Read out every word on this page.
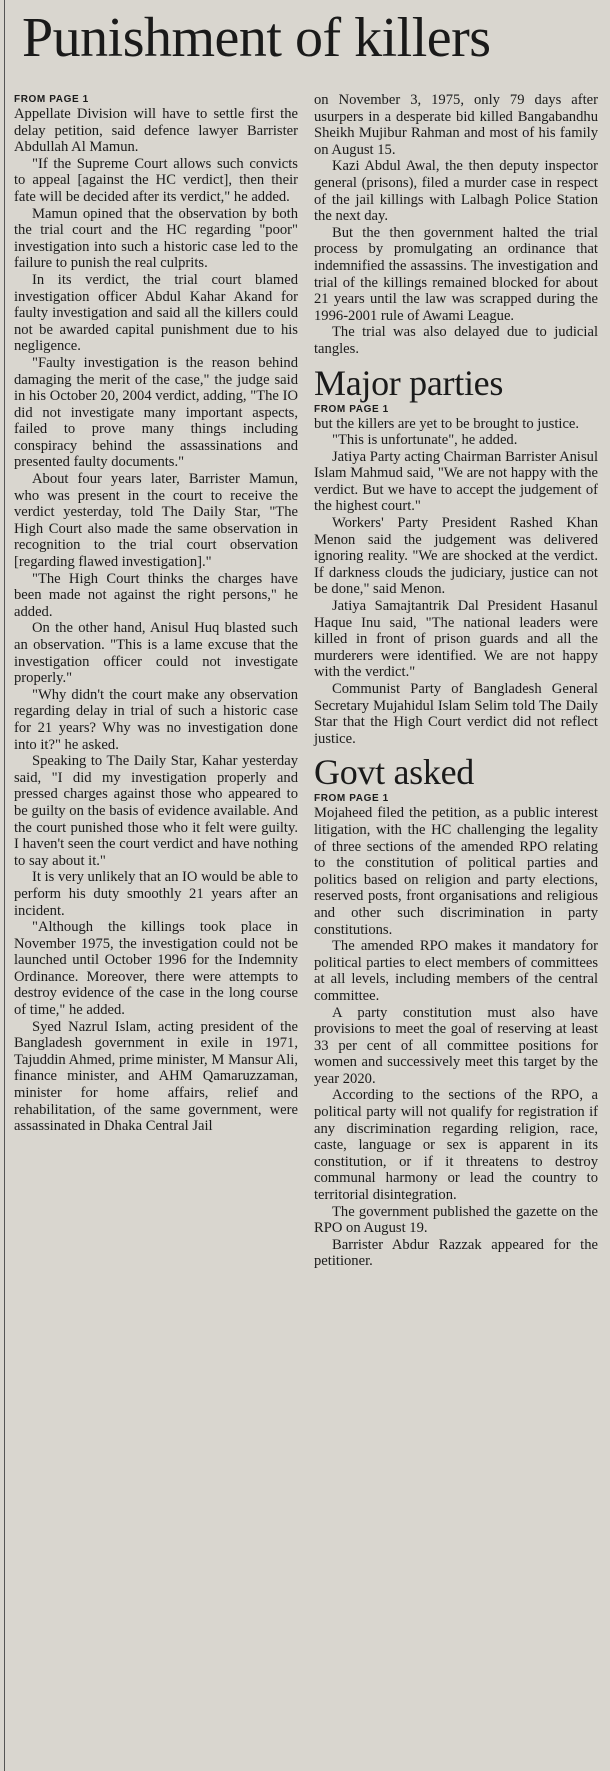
Punishment of killers
FROM PAGE 1

Appellate Division will have to settle first the delay petition, said defence lawyer Barrister Abdullah Al Mamun.

"If the Supreme Court allows such convicts to appeal [against the HC verdict], then their fate will be decided after its verdict," he added.

Mamun opined that the observation by both the trial court and the HC regarding "poor" investigation into such a historic case led to the failure to punish the real culprits.

In its verdict, the trial court blamed investigation officer Abdul Kahar Akand for faulty investigation and said all the killers could not be awarded capital punishment due to his negligence.

"Faulty investigation is the reason behind damaging the merit of the case," the judge said in his October 20, 2004 verdict, adding, "The IO did not investigate many important aspects, failed to prove many things including conspiracy behind the assassinations and presented faulty documents."

About four years later, Barrister Mamun, who was present in the court to receive the verdict yesterday, told The Daily Star, "The High Court also made the same observation in recognition to the trial court observation [regarding flawed investigation]."

"The High Court thinks the charges have been made not against the right persons," he added.

On the other hand, Anisul Huq blasted such an observation. "This is a lame excuse that the investigation officer could not investigate properly."

"Why didn't the court make any observation regarding delay in trial of such a historic case for 21 years? Why was no investigation done into it?" he asked.

Speaking to The Daily Star, Kahar yesterday said, "I did my investigation properly and pressed charges against those who appeared to be guilty on the basis of evidence available. And the court punished those who it felt were guilty. I haven't seen the court verdict and have nothing to say about it."

It is very unlikely that an IO would be able to perform his duty smoothly 21 years after an incident.

"Although the killings took place in November 1975, the investigation could not be launched until October 1996 for the Indemnity Ordinance. Moreover, there were attempts to destroy evidence of the case in the long course of time," he added.

Syed Nazrul Islam, acting president of the Bangladesh government in exile in 1971, Tajuddin Ahmed, prime minister, M Mansur Ali, finance minister, and AHM Qamaruzzaman, minister for home affairs, relief and rehabilitation, of the same government, were assassinated in Dhaka Central Jail

on November 3, 1975, only 79 days after usurpers in a desperate bid killed Bangabandhu Sheikh Mujibur Rahman and most of his family on August 15.

Kazi Abdul Awal, the then deputy inspector general (prisons), filed a murder case in respect of the jail killings with Lalbagh Police Station the next day.

But the then government halted the trial process by promulgating an ordinance that indemnified the assassins. The investigation and trial of the killings remained blocked for about 21 years until the law was scrapped during the 1996-2001 rule of Awami League.

The trial was also delayed due to judicial tangles.

Major parties
FROM PAGE 1

but the killers are yet to be brought to justice.

"This is unfortunate", he added.

Jatiya Party acting Chairman Barrister Anisul Islam Mahmud said, "We are not happy with the verdict. But we have to accept the judgement of the highest court."

Workers' Party President Rashed Khan Menon said the judgement was delivered ignoring reality. "We are shocked at the verdict. If darkness clouds the judiciary, justice can not be done," said Menon.

Jatiya Samajtantrik Dal President Hasanul Haque Inu said, "The national leaders were killed in front of prison guards and all the murderers were identified. We are not happy with the verdict."

Communist Party of Bangladesh General Secretary Mujahidul Islam Selim told The Daily Star that the High Court verdict did not reflect justice.

Govt asked
FROM PAGE 1

Mojaheed filed the petition, as a public interest litigation, with the HC challenging the legality of three sections of the amended RPO relating to the constitution of political parties and politics based on religion and party elections, reserved posts, front organisations and religious and other such discrimination in party constitutions.

The amended RPO makes it mandatory for political parties to elect members of committees at all levels, including members of the central committee.

A party constitution must also have provisions to meet the goal of reserving at least 33 per cent of all committee positions for women and successively meet this target by the year 2020.

According to the sections of the RPO, a political party will not qualify for registration if any discrimination regarding religion, race, caste, language or sex is apparent in its constitution, or if it threatens to destroy communal harmony or lead the country to territorial disintegration.

The government published the gazette on the RPO on August 19.

Barrister Abdur Razzak appeared for the petitioner.
